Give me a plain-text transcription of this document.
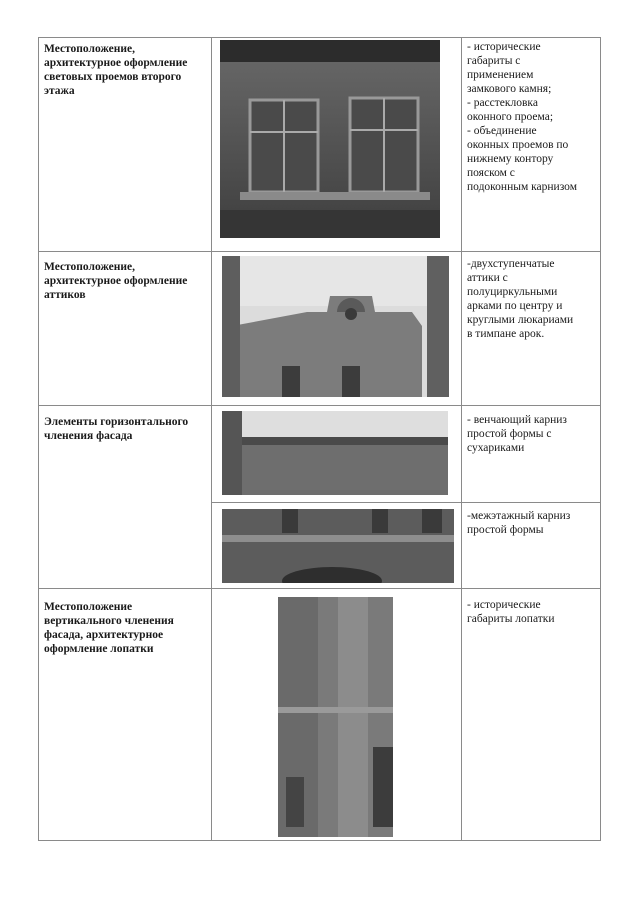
Местоположение, архитектурное оформление световых проемов второго этажа
- исторические
габариты с
применением
замкового камня;
- расстекловка
оконного проема;
- объединение
оконных проемов по
нижнему контору
пояском с
подоконным карнизом
Местоположение, архитектурное оформление аттиков
-двухступенчатые
аттики с
полуциркульными
арками по центру и
круглыми люкариами
в тимпане арок.
Элементы горизонтального членения фасада
- венчающий карниз
простой формы с
сухариками
-межэтажный карниз
простой формы
Местоположение вертикального членения фасада, архитектурное оформление лопатки
- исторические
габариты лопатки
